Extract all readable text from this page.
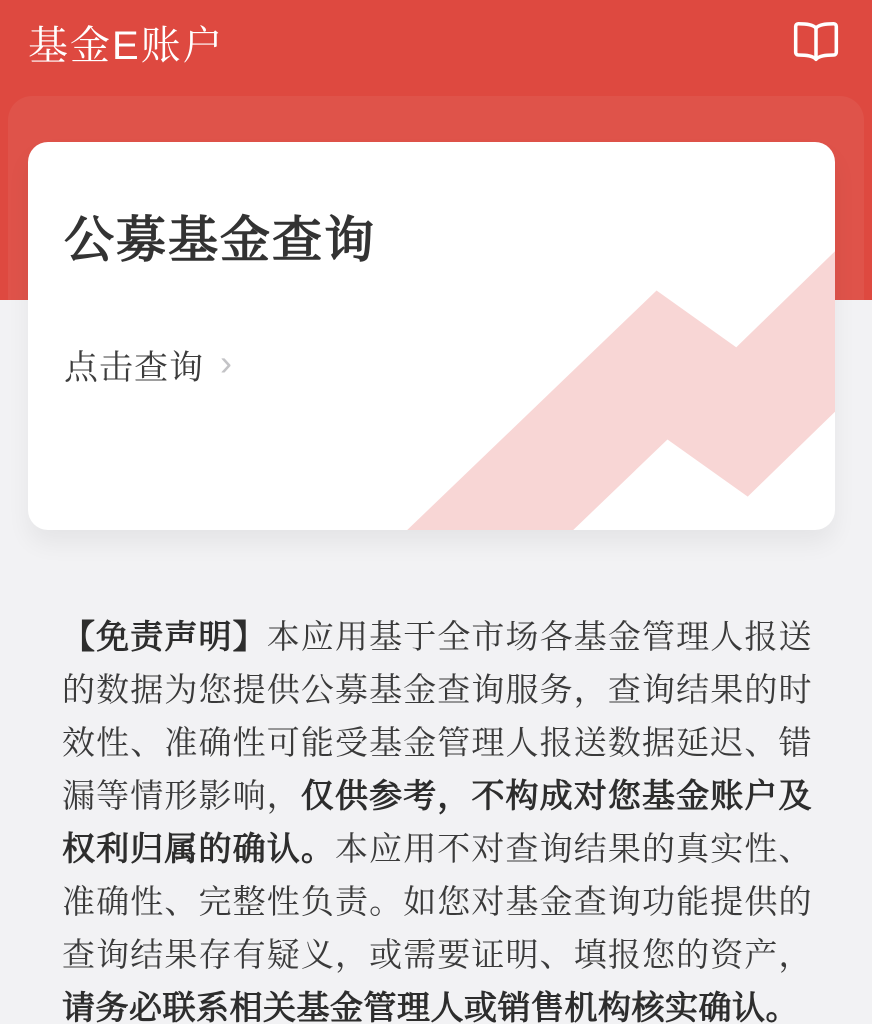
基金E账户
公募基金查询
点击查询 ›
【免责声明】本应用基于全市场各基金管理人报送的数据为您提供公募基金查询服务，查询结果的时效性、准确性可能受基金管理人报送数据延迟、错漏等情形影响，仅供参考，不构成对您基金账户及权利归属的确认。本应用不对查询结果的真实性、准确性、完整性负责。如您对基金查询功能提供的查询结果存有疑义，或需要证明、填报您的资产，请务必联系相关基金管理人或销售机构核实确认。
